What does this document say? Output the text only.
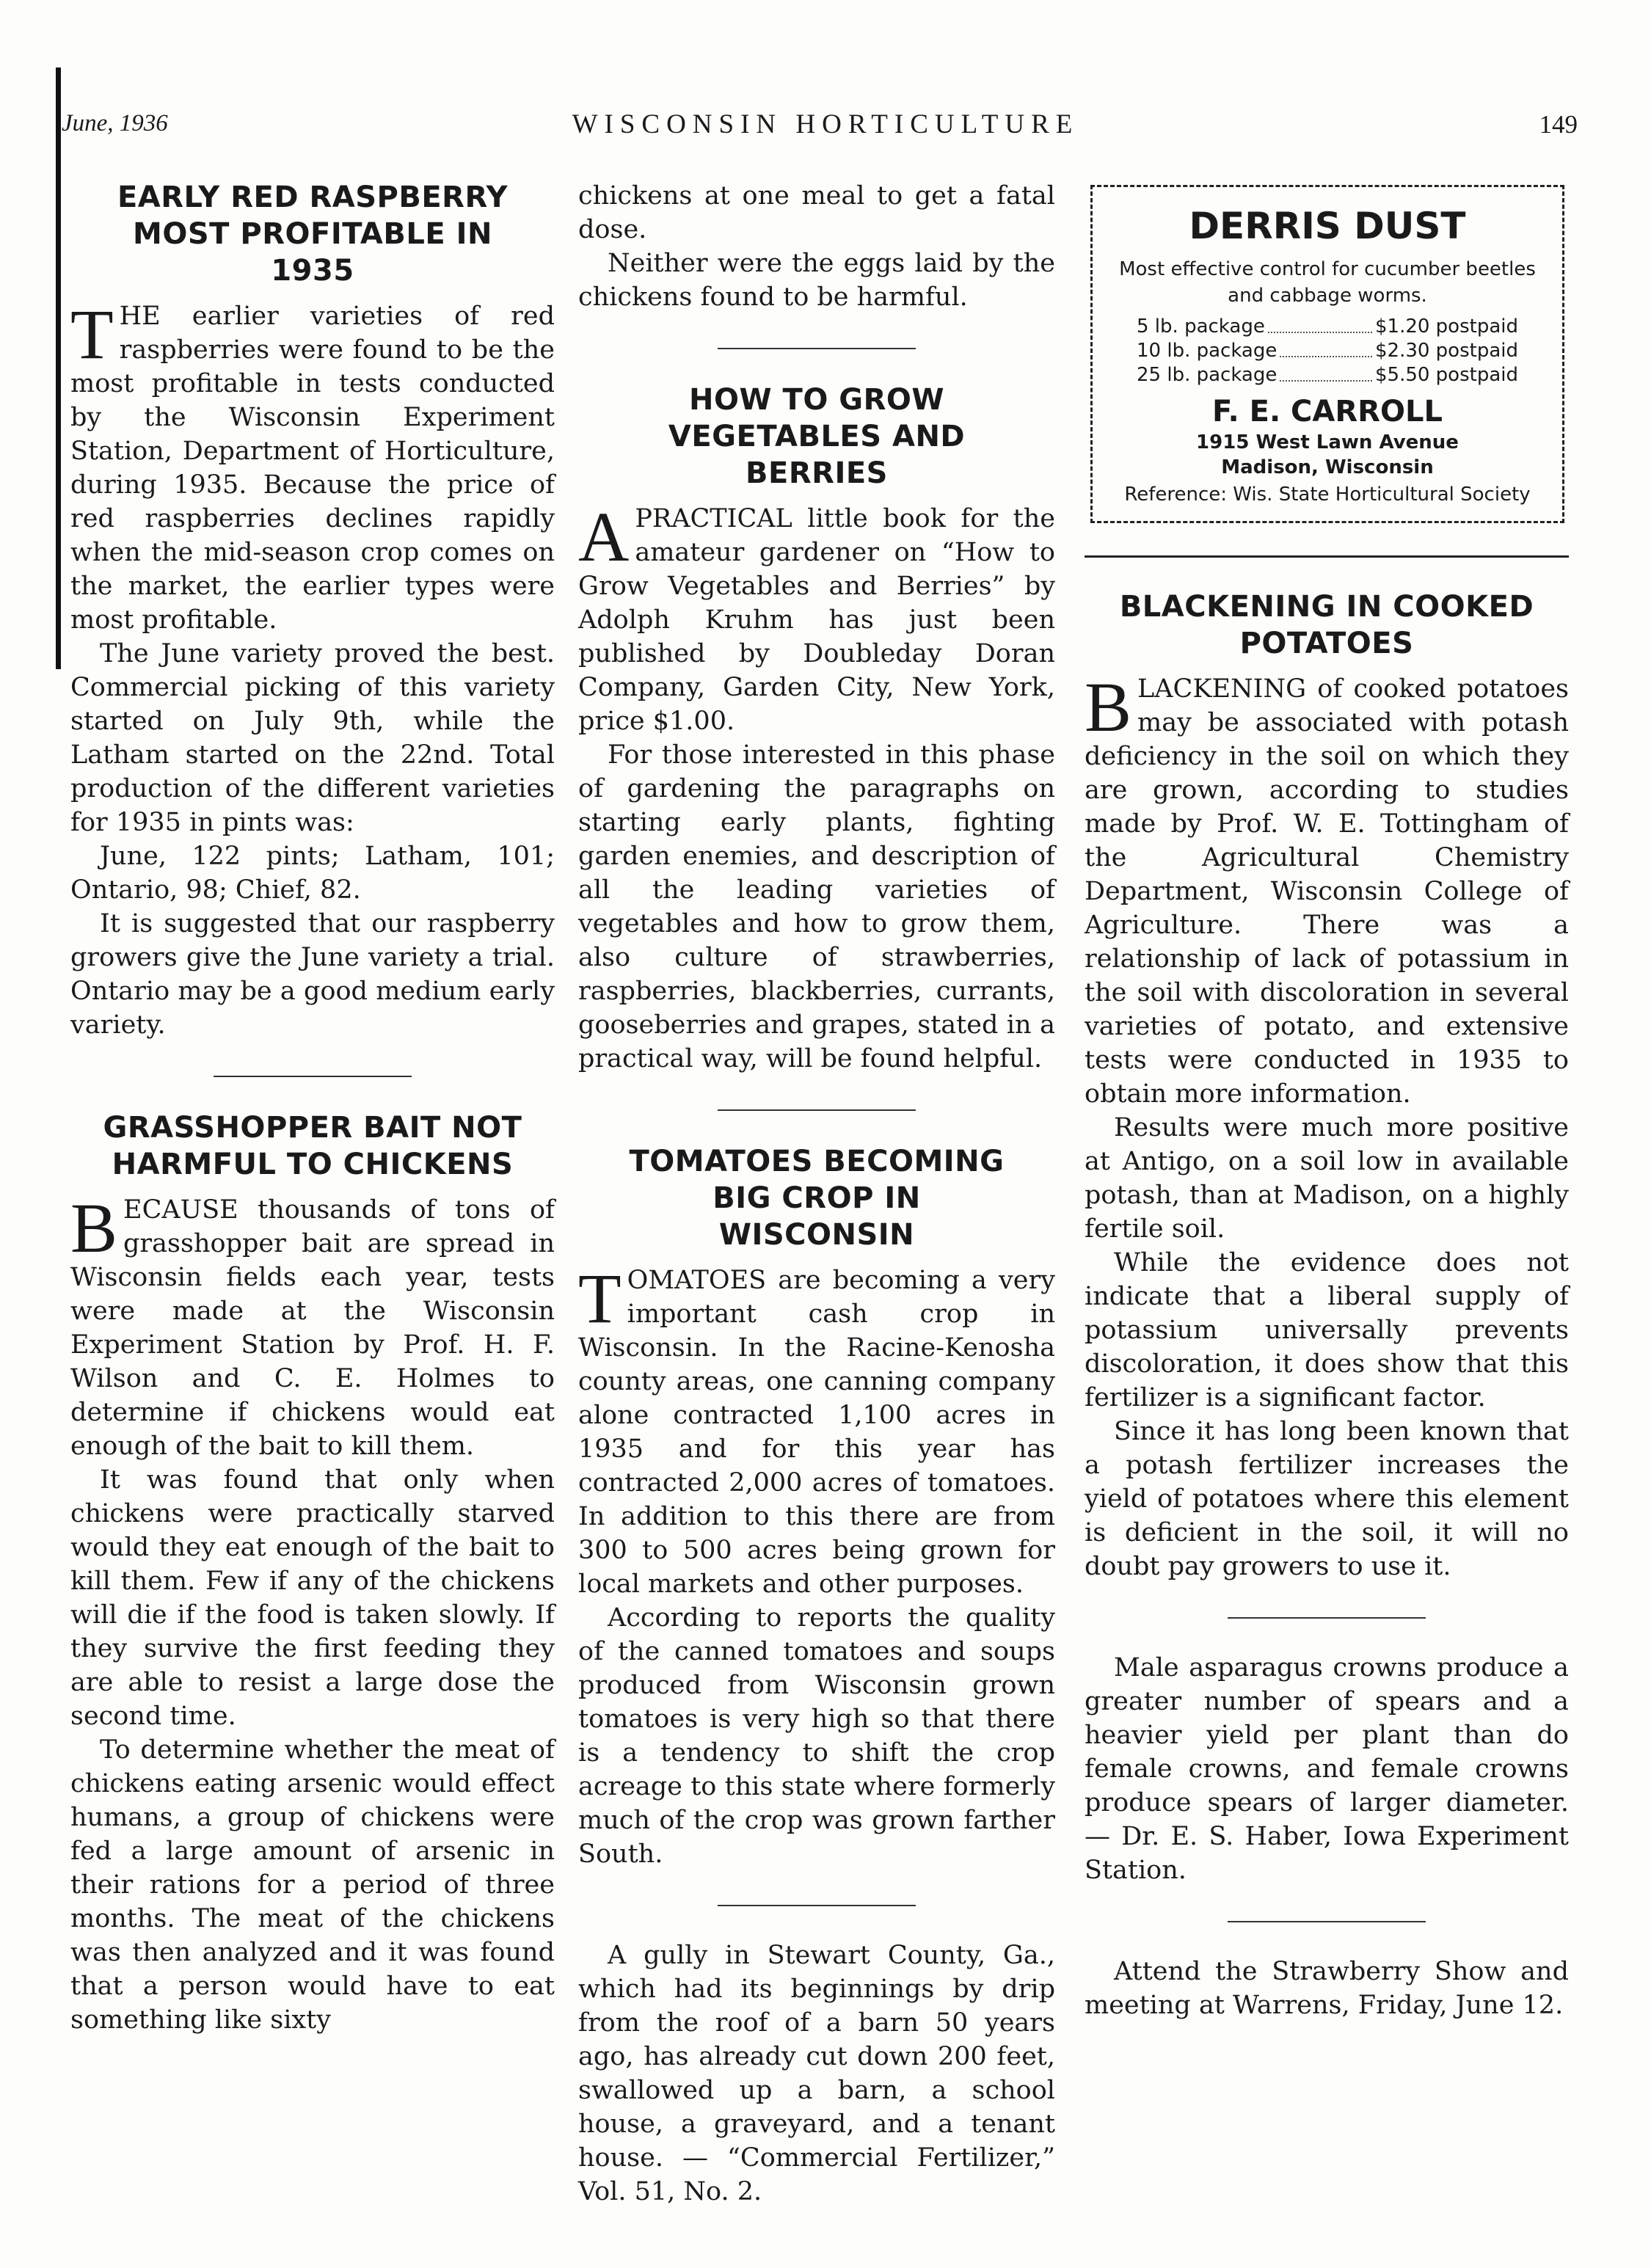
June, 1936	WISCONSIN HORTICULTURE	149
EARLY RED RASPBERRY MOST PROFITABLE IN 1935

THE earlier varieties of red raspberries were found to be the most profitable in tests conducted by the Wisconsin Experiment Station, Department of Horticulture, during 1935. Because the price of red raspberries declines rapidly when the mid-season crop comes on the market, the earlier types were most profitable.

The June variety proved the best. Commercial picking of this variety started on July 9th, while the Latham started on the 22nd. Total production of the different varieties for 1935 in pints was:

June, 122 pints; Latham, 101; Ontario, 98; Chief, 82.

It is suggested that our raspberry growers give the June variety a trial. Ontario may be a good medium early variety.

GRASSHOPPER BAIT NOT HARMFUL TO CHICKENS

BECAUSE thousands of tons of grasshopper bait are spread in Wisconsin fields each year, tests were made at the Wisconsin Experiment Station by Prof. H. F. Wilson and C. E. Holmes to determine if chickens would eat enough of the bait to kill them.

It was found that only when chickens were practically starved would they eat enough of the bait to kill them. Few if any of the chickens will die if the food is taken slowly. If they survive the first feeding they are able to resist a large dose the second time.

To determine whether the meat of chickens eating arsenic would effect humans, a group of chickens were fed a large amount of arsenic in their rations for a period of three months. The meat of the chickens was then analyzed and it was found that a person would have to eat something like sixty

chickens at one meal to get a fatal dose.

Neither were the eggs laid by the chickens found to be harmful.

HOW TO GROW VEGETABLES AND BERRIES

APRACTICAL little book for the amateur gardener on “How to Grow Vegetables and Berries” by Adolph Kruhm has just been published by Doubleday Doran Company, Garden City, New York, price $1.00.

For those interested in this phase of gardening the paragraphs on starting early plants, fighting garden enemies, and description of all the leading varieties of vegetables and how to grow them, also culture of strawberries, raspberries, blackberries, currants, gooseberries and grapes, stated in a practical way, will be found helpful.

TOMATOES BECOMING BIG CROP IN WISCONSIN

TOMATOES are becoming a very important cash crop in Wisconsin. In the Racine-Kenosha county areas, one canning company alone contracted 1,100 acres in 1935 and for this year has contracted 2,000 acres of tomatoes. In addition to this there are from 300 to 500 acres being grown for local markets and other purposes.

According to reports the quality of the canned tomatoes and soups produced from Wisconsin grown tomatoes is very high so that there is a tendency to shift the crop acreage to this state where formerly much of the crop was grown farther South.

A gully in Stewart County, Ga., which had its beginnings by drip from the roof of a barn 50 years ago, has already cut down 200 feet, swallowed up a barn, a school house, a graveyard, and a tenant house. — “Commercial Fertilizer,” Vol. 51, No. 2.

DERRIS DUST
Most effective control for cucumber beetles and cabbage worms.
5 lb. package	$1.20 postpaid
10 lb. package	$2.30 postpaid
25 lb. package	$5.50 postpaid
F. E. CARROLL
1915 West Lawn Avenue
Madison, Wisconsin
Reference: Wis. State Horticultural Society
BLACKENING IN COOKED POTATOES

BLACKENING of cooked potatoes may be associated with potash deficiency in the soil on which they are grown, according to studies made by Prof. W. E. Tottingham of the Agricultural Chemistry Department, Wisconsin College of Agriculture. There was a relationship of lack of potassium in the soil with discoloration in several varieties of potato, and extensive tests were conducted in 1935 to obtain more information.

Results were much more positive at Antigo, on a soil low in available potash, than at Madison, on a highly fertile soil.

While the evidence does not indicate that a liberal supply of potassium universally prevents discoloration, it does show that this fertilizer is a significant factor.

Since it has long been known that a potash fertilizer increases the yield of potatoes where this element is deficient in the soil, it will no doubt pay growers to use it.

Male asparagus crowns produce a greater number of spears and a heavier yield per plant than do female crowns, and female crowns produce spears of larger diameter. — Dr. E. S. Haber, Iowa Experiment Station.

Attend the Strawberry Show and meeting at Warrens, Friday, June 12.
